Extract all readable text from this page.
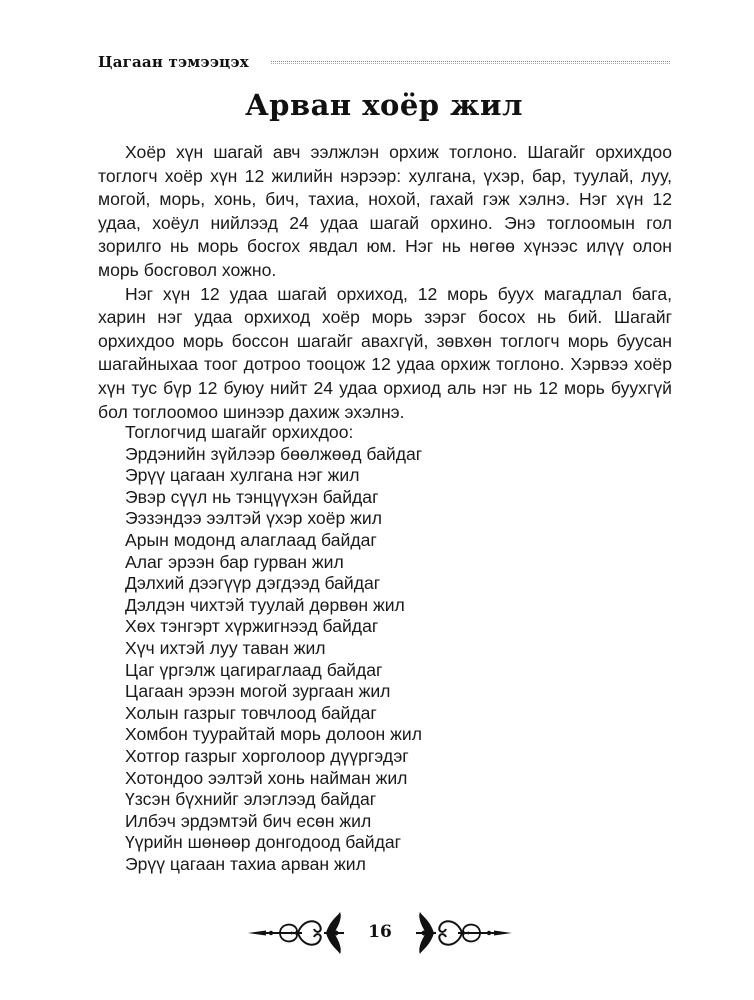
Цагаан тэмээцэх
Арван хоёр жил

Хоёр хүн шагай авч ээлжлэн орхиж тоглоно. Шагайг орхихдоо тоглогч хоёр хүн 12 жилийн нэрээр: хулгана, үхэр, бар, туулай, луу, могой, морь, хонь, бич, тахиа, нохой, гахай гэж хэлнэ. Нэг хүн 12 удаа, хоёул нийлээд 24 удаа шагай орхино. Энэ тоглоомын гол зорилго нь морь босгох явдал юм. Нэг нь нөгөө хүнээс илүү олон морь босговол хожно.

Нэг хүн 12 удаа шагай орхиход, 12 морь буух магадлал бага, харин нэг удаа орхиход хоёр морь зэрэг босох нь бий. Шагайг орхихдоо морь боссон шагайг авахгүй, зөвхөн тоглогч морь буусан шагайныхаа тоог дотроо тооцож 12 удаа орхиж тоглоно. Хэрвээ хоёр хүн тус бүр 12 буюу нийт 24 удаа орхиод аль нэг нь 12 морь буухгүй бол тоглоомоо шинээр дахиж эхэлнэ.

Тоглогчид шагайг орхихдоо:
Эрдэнийн зүйлээр бөөлжөөд байдаг
Эрүү цагаан хулгана нэг жил
Эвэр сүүл нь тэнцүүхэн байдаг
Ээзэндээ ээлтэй үхэр хоёр жил
Арын модонд алаглаад байдаг
Алаг эрээн бар гурван жил
Дэлхий дээгүүр дэгдээд байдаг
Дэлдэн чихтэй туулай дөрвөн жил
Хөх тэнгэрт хүржигнээд байдаг
Хүч ихтэй луу таван жил
Цаг үргэлж цагираглаад байдаг
Цагаан эрээн могой зургаан жил
Холын газрыг товчлоод байдаг
Хомбон туурайтай морь долоон жил
Хотгор газрыг хорголоор дүүргэдэг
Хотондоо ээлтэй хонь найман жил
Үзсэн бүхнийг элэглээд байдаг
Илбэч эрдэмтэй бич есөн жил
Үүрийн шөнөөр донгодоод байдаг
Эрүү цагаан тахиа арван жил
16
